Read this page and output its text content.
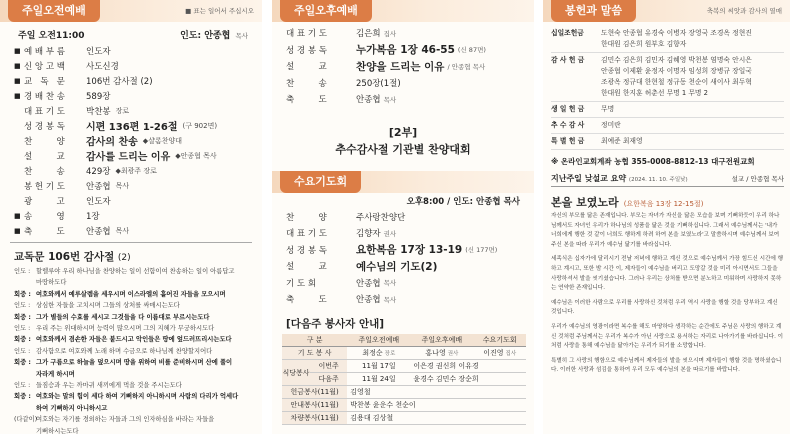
주일오전예배	■ 표는 일어서 주십시오
주일 오전11:00	인도: 안종협 목사
■ 예 배 부 름	인도자
■ 신 앙 고 백	사도신경
■ 교   독   문	106번 감사절 (2)
■ 경 배 찬 송	589장
대 표 기 도	박찬봉 장로
성 경 봉 독	시편 136편 1-26절 (구 902면)
찬         양	감사의 찬송 ◆샬롬찬양대
설         교	감사를 드리는 이유 ◆안종협 목사
찬         송	429장 ◆최광주 장로
봉 헌 기 도	안종협 목사
광         고	인도자
■ 송         영	1장
■ 축         도	안종협 목사
교독문 106번 감사절 (2)
인도 : 할렐루야 우리 하나님을 찬양하는 일이 선함이여 찬송하는 일이 아름답고
마땅하도다
회중 : 여호와께서 예루살렘을 세우시며 이스라엘의 흩어진 자들을 모으시며
인도 : 상심한 자들을 고치시며 그들의 상처를 싸매시는도다
회중 : 그가 별들의 수효를 세시고 그것들을 다 이름대로 부르시는도다
인도 : 우리 주는 위대하시며 능력이 많으시며 그의 지혜가 무궁하시도다
회중 : 여호와께서 겸손한 자들은 붙드시고 악인들은 땅에 엎드러뜨리시는도다
인도 : 감사함으로 여호와께 노래 하며 수금으로 하나님께 찬양할지어다
회중 : 그가 구름으로 하늘을 덮으시며 땅을 위하여 비를 준비하시며 산에 풀이
자라게 하시며
인도 : 들짐승과 우는 까마귀 새끼에게 먹을 것을 주시는도다
회중 : 여호와는 말의 힘이 세다 하여 기뻐하지 아니하시며 사람의 다리가 억세다
하여 기뻐하지 아니하시고
(다같이)
여호와는 자기를 경외하는 자들과 그의 인자하심을 바라는 자들을
기뻐하시는도다
주일오후예배
대 표 기 도	김은희 집사
성 경 봉 독	누가복음 1장 46-55 (신 87면)
설         교	찬양을 드리는 이유 / 안종협 목사
찬         송	250장(1절)
축         도	안종협 목사
[2부]
추수감사절 기관별 찬양대회
수요기도회
오후8:00 / 인도: 안종협 목사
찬         양	주사랑찬양단
대 표 기 도	김향자 권사
성 경 봉 독	요한복음 17장 13-19 (신 177면)
설         교	예수님의 기도(2)
기 도 회	안종협 목사
축         도	안종협 목사
[다음주 봉사자 안내]
구 분		주일오전예배	주일오후예배	수요기도회
기 도 봉 사		최정순 장로	홍나영 권사	이진영 집사
식당봉사	이번주	11월 17일	이은경 권신희 이유경	
	다음주	11월 24일	윤경수 김민수 장순희	
헌금봉사(11월)		김영철		
안내봉사(11월)		박찬봉 윤운수 천순이		
차량봉사(11월)		김용대 김상철		
봉헌과 말씀	축복의 씨앗과 감사의 열매
십일조헌금	도현숙 안종협 유경숙 이병자 장영국 조경옥 정현진
한대원 김은희 원부호 김향자
감 사 헌 금	김민수 김은희 김민자 김혜영 박천봉 염명숙 안시은
안종협 이제환 윤정자 이명자 임성희 장병규 장일국
조광옥 정규대 한현철 정규동 천순이 새이사 최두혁
한대원 한지훈 허춘선 무명 1 무명 2
생 일 헌 금	무명
추 수 감 사	정미란
특 별 헌 금	최예준 최재영
※ 온라인교회계좌 농협 355-0008-8812-13 대구전원교회
지난주일 낮설교 요약 (2024. 11. 10. 주일낮)	설교 / 안종협 목사
본을 보였노라 (요한복음 13장 12-15절)

자신의 부모를 닮은 존재입니다. 부모는 자녀가 자신을 닮은 모습을 보며 기뻐하듯이 우리 하나님께서도 자녀인 우리가 하나님의 성품을 닮은 것을 기뻐하십니다. 그래서 예수님께서는 '내가 너희에게 행한 것 같이 너희도 행하게 하려 하여 본을 보였노라'고 말씀하시며 예수님께서 보여주신 본을 따라 우리가 예수님 닮기를 바라십니다.

세족식은 십자가에 달리시기 전날 저녁에 행하고 계신 것으로 예수님께서 가장 힘드신 시간에 행하고 계시고, 또한 밤 시간 이, 제자들이 예수님을 버리고 도망갈 것을 미리 아시면서도 그들을 사랑하셔서 발을 씻기셨습니다. 그러나 우리는 상처를 받으면 분노하고 미워하며 사랑하지 못하는 연약한 존재입니다.

예수님은 이러한 사람으로 우리를 사랑하신 것처럼 우리 역시 사랑을 행할 것을 당부하고 계신 것입니다.

우리가 예수님의 영광이라면 복수를 해도 마땅하다 생각하는 순간에도 주님은 사랑의 행하고 계신 것처럼 주님께서는 우리가 복수가 아닌 사랑으로 용서하는 자리로 나아가기를 바라십니다. 이처럼 사랑을 통해 예수님을 닮아가는 우리가 되기를 소망합니다.

특별히 그 사랑의 행함으로 예수님께서 제자들의 발을 씻으시며 제자들이 행할 것을 명하셨습니다. 이러한 사랑과 섬김을 통하여 우리 모두 예수님의 본을 따르기를 바랍니다.
